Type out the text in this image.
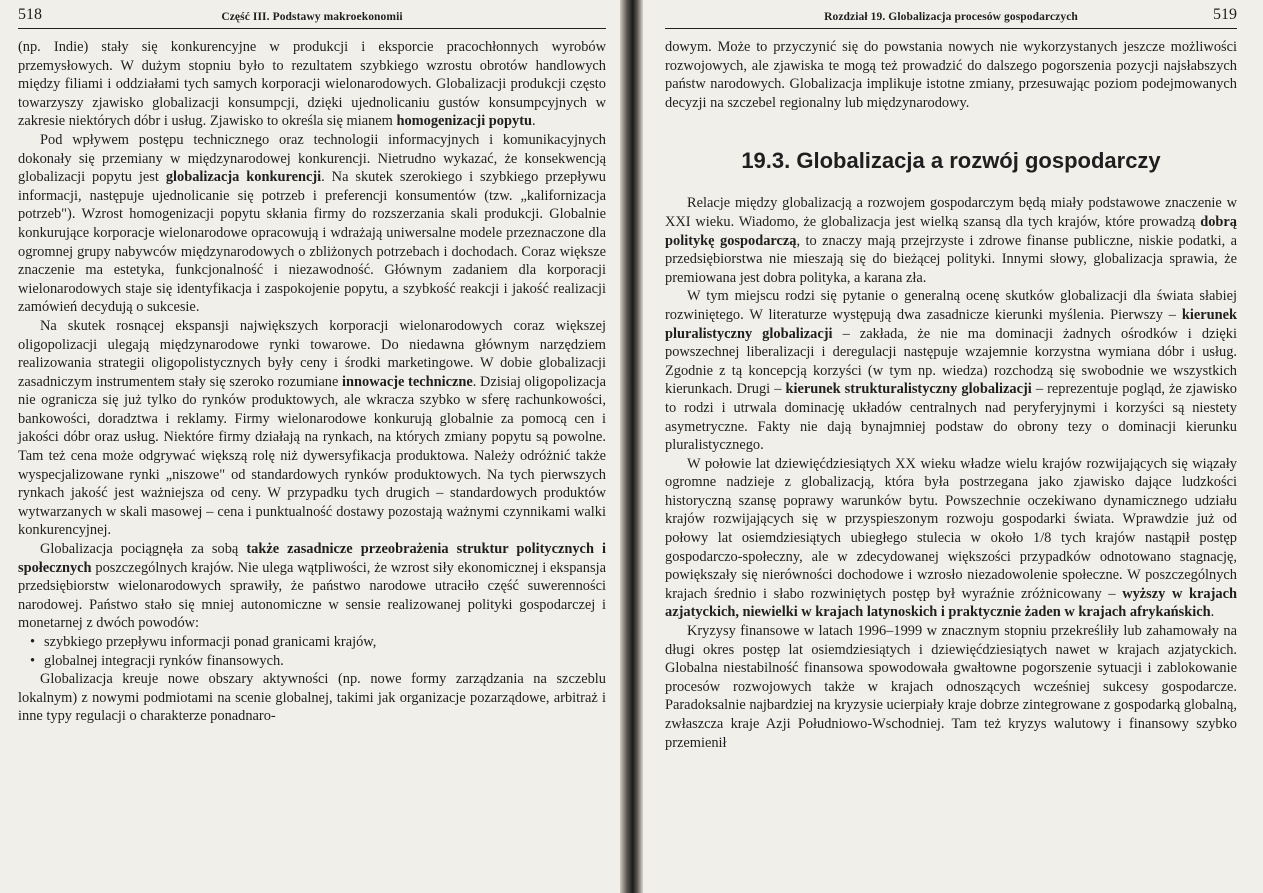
518	Część III. Podstawy makroekonomii

(np. Indie) stały się konkurencyjne w produkcji i eksporcie pracochłonnych wyrobów przemysłowych. W dużym stopniu było to rezultatem szybkiego wzrostu obrotów handlowych między filiami i oddziałami tych samych korporacji wielonarodowych. Globalizacji produkcji często towarzyszy zjawisko globalizacji konsumpcji, dzięki ujednolicaniu gustów konsumpcyjnych w zakresie niektórych dóbr i usług. Zjawisko to określa się mianem homogenizacji popytu.

Pod wpływem postępu technicznego oraz technologii informacyjnych i komunikacyjnych dokonały się przemiany w międzynarodowej konkurencji. Nietrudno wykazać, że konsekwencją globalizacji popytu jest globalizacja konkurencji. Na skutek szerokiego i szybkiego przepływu informacji, następuje ujednolicanie się potrzeb i preferencji konsumentów (tzw. „kalifornizacja potrzeb"). Wzrost homogenizacji popytu skłania firmy do rozszerzania skali produkcji. Globalnie konkurujące korporacje wielonarodowe opracowują i wdrażają uniwersalne modele przeznaczone dla ogromnej grupy nabywców międzynarodowych o zbliżonych potrzebach i dochodach. Coraz większe znaczenie ma estetyka, funkcjonalność i niezawodność. Głównym zadaniem dla korporacji wielonarodowych staje się identyfikacja i zaspokojenie popytu, a szybkość reakcji i jakość realizacji zamówień decydują o sukcesie.

Na skutek rosnącej ekspansji największych korporacji wielonarodowych coraz większej oligopolizacji ulegają międzynarodowe rynki towarowe. Do niedawna głównym narzędziem realizowania strategii oligopolistycznych były ceny i środki marketingowe. W dobie globalizacji zasadniczym instrumentem stały się szeroko rozumiane innowacje techniczne. Dzisiaj oligopolizacja nie ogranicza się już tylko do rynków produktowych, ale wkracza szybko w sferę rachunkowości, bankowości, doradztwa i reklamy. Firmy wielonarodowe konkurują globalnie za pomocą cen i jakości dóbr oraz usług. Niektóre firmy działają na rynkach, na których zmiany popytu są powolne. Tam też cena może odgrywać większą rolę niż dywersyfikacja produktowa. Należy odróżnić także wyspecjalizowane rynki „niszowe" od standardowych rynków produktowych. Na tych pierwszych rynkach jakość jest ważniejsza od ceny. W przypadku tych drugich – standardowych produktów wytwarzanych w skali masowej – cena i punktualność dostawy pozostają ważnymi czynnikami walki konkurencyjnej.

Globalizacja pociągnęła za sobą także zasadnicze przeobrażenia struktur politycznych i społecznych poszczególnych krajów. Nie ulega wątpliwości, że wzrost siły ekonomicznej i ekspansja przedsiębiorstw wielonarodowych sprawiły, że państwo narodowe utraciło część suwerenności narodowej. Państwo stało się mniej autonomiczne w sensie realizowanej polityki gospodarczej i monetarnej z dwóch powodów:

• szybkiego przepływu informacji ponad granicami krajów,
• globalnej integracji rynków finansowych.

Globalizacja kreuje nowe obszary aktywności (np. nowe formy zarządzania na szczeblu lokalnym) z nowymi podmiotami na scenie globalnej, takimi jak organizacje pozarządowe, arbitraż i inne typy regulacji o charakterze ponadnaro-

Rozdział 19. Globalizacja procesów gospodarczych	519

dowym. Może to przyczynić się do powstania nowych nie wykorzystanych jeszcze możliwości rozwojowych, ale zjawiska te mogą też prowadzić do dalszego pogorszenia pozycji najsłabszych państw narodowych. Globalizacja implikuje istotne zmiany, przesuwając poziom podejmowanych decyzji na szczebel regionalny lub międzynarodowy.

19.3. Globalizacja a rozwój gospodarczy

Relacje między globalizacją a rozwojem gospodarczym będą miały podstawowe znaczenie w XXI wieku. Wiadomo, że globalizacja jest wielką szansą dla tych krajów, które prowadzą dobrą politykę gospodarczą, to znaczy mają przejrzyste i zdrowe finanse publiczne, niskie podatki, a przedsiębiorstwa nie mieszają się do bieżącej polityki. Innymi słowy, globalizacja sprawia, że premiowana jest dobra polityka, a karana zła.

W tym miejscu rodzi się pytanie o generalną ocenę skutków globalizacji dla świata słabiej rozwiniętego. W literaturze występują dwa zasadnicze kierunki myślenia. Pierwszy – kierunek pluralistyczny globalizacji – zakłada, że nie ma dominacji żadnych ośrodków i dzięki powszechnej liberalizacji i deregulacji następuje wzajemnie korzystna wymiana dóbr i usług. Zgodnie z tą koncepcją korzyści (w tym np. wiedza) rozchodzą się swobodnie we wszystkich kierunkach. Drugi – kierunek strukturalistyczny globalizacji – reprezentuje pogląd, że zjawisko to rodzi i utrwala dominację układów centralnych nad peryferyjnymi i korzyści są niestety asymetryczne. Fakty nie dają bynajmniej podstaw do obrony tezy o dominacji kierunku pluralistycznego.

W połowie lat dziewięćdziesiątych XX wieku władze wielu krajów rozwijających się wiązały ogromne nadzieje z globalizacją, która była postrzegana jako zjawisko dające ludzkości historyczną szansę poprawy warunków bytu. Powszechnie oczekiwano dynamicznego udziału krajów rozwijających się w przyspieszonym rozwoju gospodarki świata. Wprawdzie już od połowy lat osiemdziesiątych ubiegłego stulecia w około 1/8 tych krajów nastąpił postęp gospodarczo-społeczny, ale w zdecydowanej większości przypadków odnotowano stagnację, powiększały się nierówności dochodowe i wzrosło niezadowolenie społeczne. W poszczególnych krajach średnio i słabo rozwiniętych postęp był wyraźnie zróżnicowany – wyższy w krajach azjatyckich, niewielki w krajach latynoskich i praktycznie żaden w krajach afrykańskich.

Kryzysy finansowe w latach 1996–1999 w znacznym stopniu przekreśliły lub zahamowały na długi okres postęp lat osiemdziesiątych i dziewięćdziesiątych nawet w krajach azjatyckich. Globalna niestabilność finansowa spowodowała gwałtowne pogorszenie sytuacji i zablokowanie procesów rozwojowych także w krajach odnoszących wcześniej sukcesy gospodarcze. Paradoksalnie najbardziej na kryzysie ucierpiały kraje dobrze zintegrowane z gospodarką globalną, zwłaszcza kraje Azji Południowo-Wschodniej. Tam też kryzys walutowy i finansowy szybko przemienił
